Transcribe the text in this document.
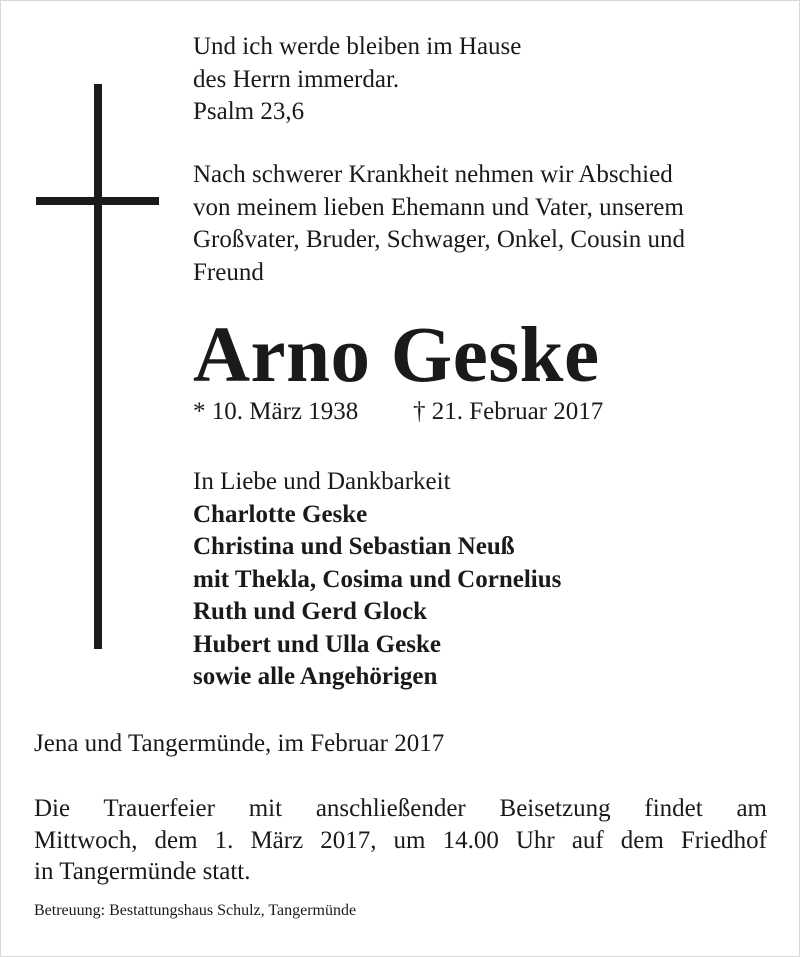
Und ich werde bleiben im Hause
des Herrn immerdar.
Psalm 23,6
Nach schwerer Krankheit nehmen wir Abschied
von meinem lieben Ehemann und Vater, unserem
Großvater, Bruder, Schwager, Onkel, Cousin und
Freund
Arno Geske
* 10. März 1938 † 21. Februar 2017
In Liebe und Dankbarkeit
Charlotte Geske
Christina und Sebastian Neuß
mit Thekla, Cosima und Cornelius
Ruth und Gerd Glock
Hubert und Ulla Geske
sowie alle Angehörigen
Jena und Tangermünde, im Februar 2017
Die Trauerfeier mit anschließender Beisetzung findet am
Mittwoch, dem 1. März 2017, um 14.00 Uhr auf dem Friedhof
in Tangermünde statt.
Betreuung: Bestattungshaus Schulz, Tangermünde
